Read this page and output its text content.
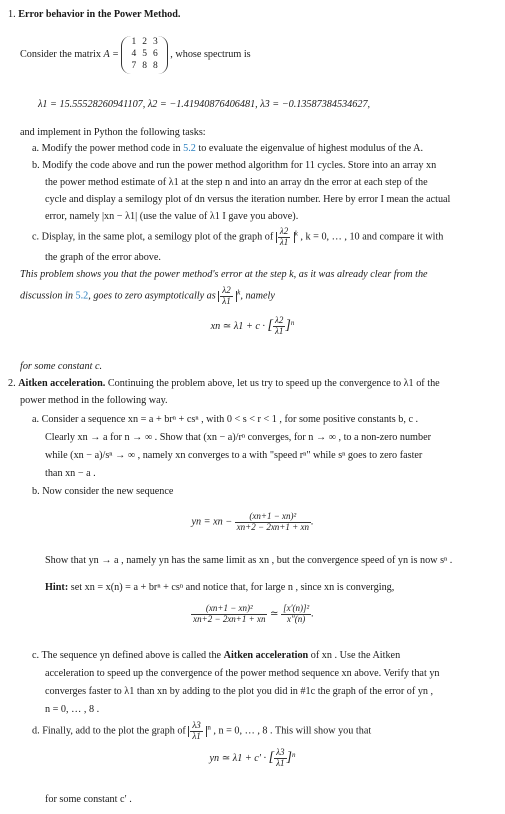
1. Error behavior in the Power Method.
Consider the matrix A =
1	2	3
4	5	6
7	8	8
, whose spectrum is
λ1 = 15.55528260941107, λ2 = −1.41940876406481, λ3 = −0.13587384534627,
and implement in Python the following tasks:
a. Modify the power method code in 5.2 to evaluate the eigenvalue of highest modulus of the A.
b. Modify the code above and run the power method algorithm for 11 cycles. Store into an array xn
the power method estimate of λ1 at the step n and into an array dn the error at each step of the
cycle and display a semilogy plot of dn versus the iteration number. Here by error I mean the actual
error, namely |xn − λ1| (use the value of λ1 I gave you above).
c. Display, in the same plot, a semilogy plot of the graph of $\frac{\lambda 2}{\lambda 1} ^k$ , k = 0, … , 10 and compare it with
the graph of the error above.
This problem shows you that the power method's error at the step k, as it was already clear from the
discussion in 5.2, goes to zero asymptotically as $\frac{\lambda 2}{\lambda 1} ^k$, namely
xn ≃ λ1 + c · [ $\frac{\lambda 2}{\lambda 1} ]^n$
for some constant c.
2. Aitken acceleration. Continuing the problem above, let us try to speed up the convergence to λ1 of the
power method in the following way.
a. Consider a sequence xn = a + brⁿ + csⁿ , with 0 < s < r < 1 , for some positive constants b, c .
Clearly xn → a for n → ∞ . Show that (xn − a)/rⁿ converges, for n → ∞ , to a non-zero number
while (xn − a)/sⁿ → ∞ , namely xn converges to a with "speed rⁿ" while sⁿ goes to zero faster
than xn − a .
b. Now consider the new sequence
yn = xn − $\frac{\text{(xn+1 − xn)²}}{xn+2 - 2xn+1 + xn}$ .
Show that yn → a , namely yn has the same limit as xn , but the convergence speed of yn is now sⁿ .
Hint: set xn = x(n) = a + brⁿ + csⁿ and notice that, for large n , since xn is converging,
$\frac{\text{(xn+1 − xn)²}}{xn+2 - 2xn+1 + xn}$ ≃ $\frac{\text{[x′(n)]²}}{x''(n)}$ .
c. The sequence yn defined above is called the Aitken acceleration of xn . Use the Aitken
acceleration to speed up the convergence of the power method sequence xn above. Verify that yn
converges faster to λ1 than xn by adding to the plot you did in #1c the graph of the error of yn ,
n = 0, … , 8 .
d. Finally, add to the plot the graph of $\frac{\lambda 3}{\lambda 1} ^n$ , n = 0, … , 8 . This will show you that
yn ≃ λ1 + c′ · [ $\frac{\lambda 3}{\lambda 1} ]^n$
for some constant c′ .
